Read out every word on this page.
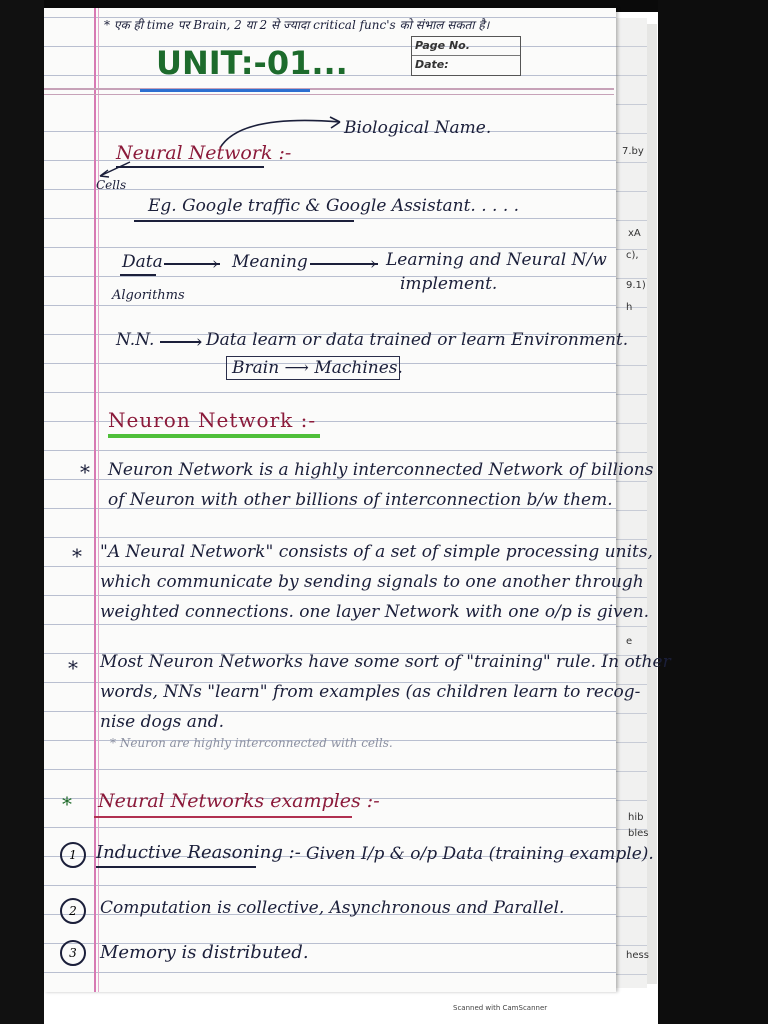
* एक ही time पर Brain, 2 या 2 से ज्यादा critical func's को संभाल सकता है।
Page No.
Date:
UNIT:-01...
Biological Name.
Neural Network :-
Cells
Eg. Google traffic & Google Assistant. . . . .
Data	› Meaning	› Learning and Neural N/w
implement.
Algorithms
N.N. › Data learn or data trained or learn Environment.
Brain ⟶ Machines.
Neuron Network :-
* Neuron Network is a highly interconnected Network of billions
of Neuron with other billions of interconnection b/w them.
* "A Neural Network" consists of a set of simple processing units,
which communicate by sending signals to one another through
weighted connections. one layer Network with one o/p is given.
* Most Neuron Networks have some sort of "training" rule. In other
words, NNs "learn" from examples (as children learn to recog-
nise dogs and.
* Neuron are highly interconnected with cells.
* Neural Networks examples :-
1	Inductive Reasoning :- Given I/p & o/p Data (training example).
2	Computation is collective, Asynchronous and Parallel.
3	Memory is distributed.
7.by
xA
c),
9.1)
h
e
hib
bles
hess
Scanned with CamScanner
